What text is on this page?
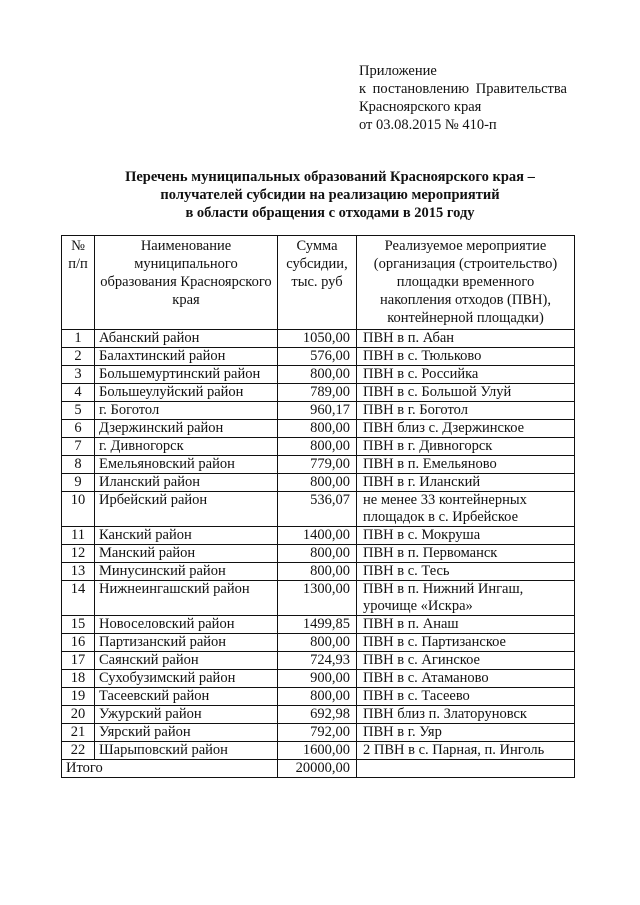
Приложение
к постановлению Правительства
Красноярского края
от 03.08.2015 № 410-п
Перечень муниципальных образований Красноярского края –
получателей субсидии на реализацию мероприятий
в области обращения с отходами в 2015 году
№ п/п	Наименование муниципального образования Красноярского края	Сумма субсидии, тыс. руб	Реализуемое мероприятие (организация (строительство) площадки временного накопления отходов (ПВН), контейнерной площадки)
1	Абанский район	1050,00	ПВН в п. Абан
2	Балахтинский район	576,00	ПВН в с. Тюльково
3	Большемуртинский район	800,00	ПВН в с. Российка
4	Большеулуйский район	789,00	ПВН в с. Большой Улуй
5	г. Боготол	960,17	ПВН в г. Боготол
6	Дзержинский район	800,00	ПВН близ с. Дзержинское
7	г. Дивногорск	800,00	ПВН в г. Дивногорск
8	Емельяновский район	779,00	ПВН в п. Емельяново
9	Иланский район	800,00	ПВН в г. Иланский
10	Ирбейский район	536,07	не менее 33 контейнерных площадок в с. Ирбейское
11	Канский район	1400,00	ПВН в с. Мокруша
12	Манский район	800,00	ПВН в п. Первоманск
13	Минусинский район	800,00	ПВН в с. Тесь
14	Нижнеингашский район	1300,00	ПВН в п. Нижний Ингаш, урочище «Искра»
15	Новоселовский район	1499,85	ПВН в п. Анаш
16	Партизанский район	800,00	ПВН в с. Партизанское
17	Саянский район	724,93	ПВН в с. Агинское
18	Сухобузимский район	900,00	ПВН в с. Атаманово
19	Тасеевский район	800,00	ПВН в с. Тасеево
20	Ужурский район	692,98	ПВН близ п. Златоруновск
21	Уярский район	792,00	ПВН в г. Уяр
22	Шарыповский район	1600,00	2 ПВН в с. Парная, п. Инголь
Итого		20000,00	
